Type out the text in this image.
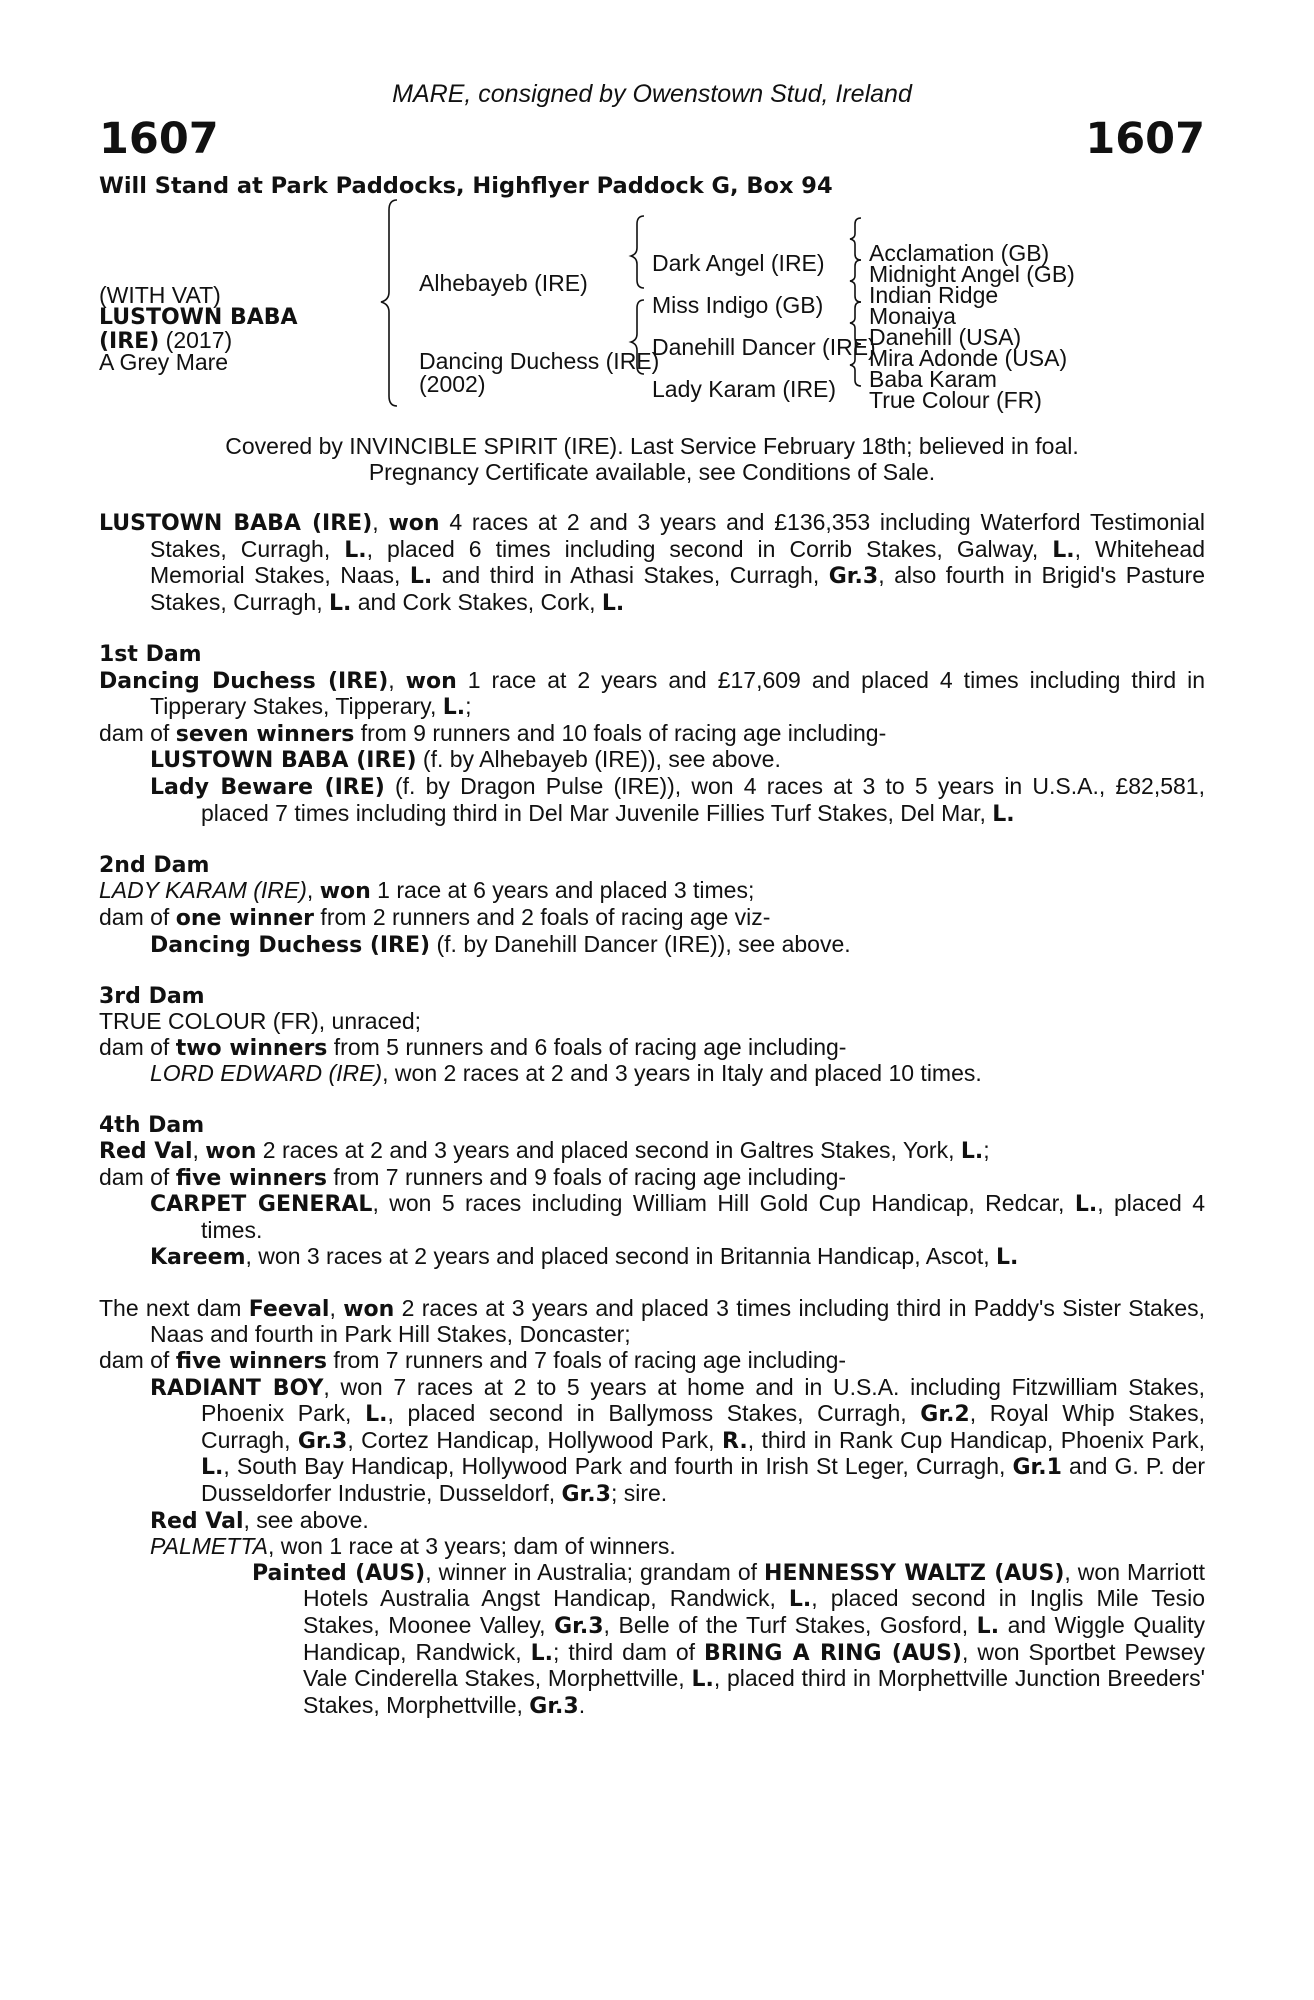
MARE, consigned by Owenstown Stud, Ireland
1607	1607
Will Stand at Park Paddocks, Highflyer Paddock G, Box 94
(WITH VAT)
LUSTOWN BABA
(IRE) (2017)
A Grey Mare
Alhebayeb (IRE)
Dancing Duchess (IRE)
(2002)
Dark Angel (IRE)
Miss Indigo (GB)
Danehill Dancer (IRE)
Lady Karam (IRE)
Acclamation (GB)
Midnight Angel (GB)
Indian Ridge
Monaiya
Danehill (USA)
Mira Adonde (USA)
Baba Karam
True Colour (FR)
Covered by INVINCIBLE SPIRIT (IRE). Last Service February 18th; believed in foal.
Pregnancy Certificate available, see Conditions of Sale.
LUSTOWN BABA (IRE), won 4 races at 2 and 3 years and £136,353 including Waterford Testimonial Stakes, Curragh, L., placed 6 times including second in Corrib Stakes, Galway, L., Whitehead Memorial Stakes, Naas, L. and third in Athasi Stakes, Curragh, Gr.3, also fourth in Brigid's Pasture Stakes, Curragh, L. and Cork Stakes, Cork, L.
1st Dam
Dancing Duchess (IRE), won 1 race at 2 years and £17,609 and placed 4 times including third in Tipperary Stakes, Tipperary, L.;
dam of seven winners from 9 runners and 10 foals of racing age including-
LUSTOWN BABA (IRE) (f. by Alhebayeb (IRE)), see above.
Lady Beware (IRE) (f. by Dragon Pulse (IRE)), won 4 races at 3 to 5 years in U.S.A., £82,581, placed 7 times including third in Del Mar Juvenile Fillies Turf Stakes, Del Mar, L.
2nd Dam
LADY KARAM (IRE), won 1 race at 6 years and placed 3 times;
dam of one winner from 2 runners and 2 foals of racing age viz-
Dancing Duchess (IRE) (f. by Danehill Dancer (IRE)), see above.
3rd Dam
TRUE COLOUR (FR), unraced;
dam of two winners from 5 runners and 6 foals of racing age including-
LORD EDWARD (IRE), won 2 races at 2 and 3 years in Italy and placed 10 times.
4th Dam
Red Val, won 2 races at 2 and 3 years and placed second in Galtres Stakes, York, L.;
dam of five winners from 7 runners and 9 foals of racing age including-
CARPET GENERAL, won 5 races including William Hill Gold Cup Handicap, Redcar, L., placed 4 times.
Kareem, won 3 races at 2 years and placed second in Britannia Handicap, Ascot, L.
The next dam Feeval, won 2 races at 3 years and placed 3 times including third in Paddy's Sister Stakes, Naas and fourth in Park Hill Stakes, Doncaster;
dam of five winners from 7 runners and 7 foals of racing age including-
RADIANT BOY, won 7 races at 2 to 5 years at home and in U.S.A. including Fitzwilliam Stakes, Phoenix Park, L., placed second in Ballymoss Stakes, Curragh, Gr.2, Royal Whip Stakes, Curragh, Gr.3, Cortez Handicap, Hollywood Park, R., third in Rank Cup Handicap, Phoenix Park, L., South Bay Handicap, Hollywood Park and fourth in Irish St Leger, Curragh, Gr.1 and G. P. der Dusseldorfer Industrie, Dusseldorf, Gr.3; sire.
Red Val, see above.
PALMETTA, won 1 race at 3 years; dam of winners.
Painted (AUS), winner in Australia; grandam of HENNESSY WALTZ (AUS), won Marriott Hotels Australia Angst Handicap, Randwick, L., placed second in Inglis Mile Tesio Stakes, Moonee Valley, Gr.3, Belle of the Turf Stakes, Gosford, L. and Wiggle Quality Handicap, Randwick, L.; third dam of BRING A RING (AUS), won Sportbet Pewsey Vale Cinderella Stakes, Morphettville, L., placed third in Morphettville Junction Breeders' Stakes, Morphettville, Gr.3.
